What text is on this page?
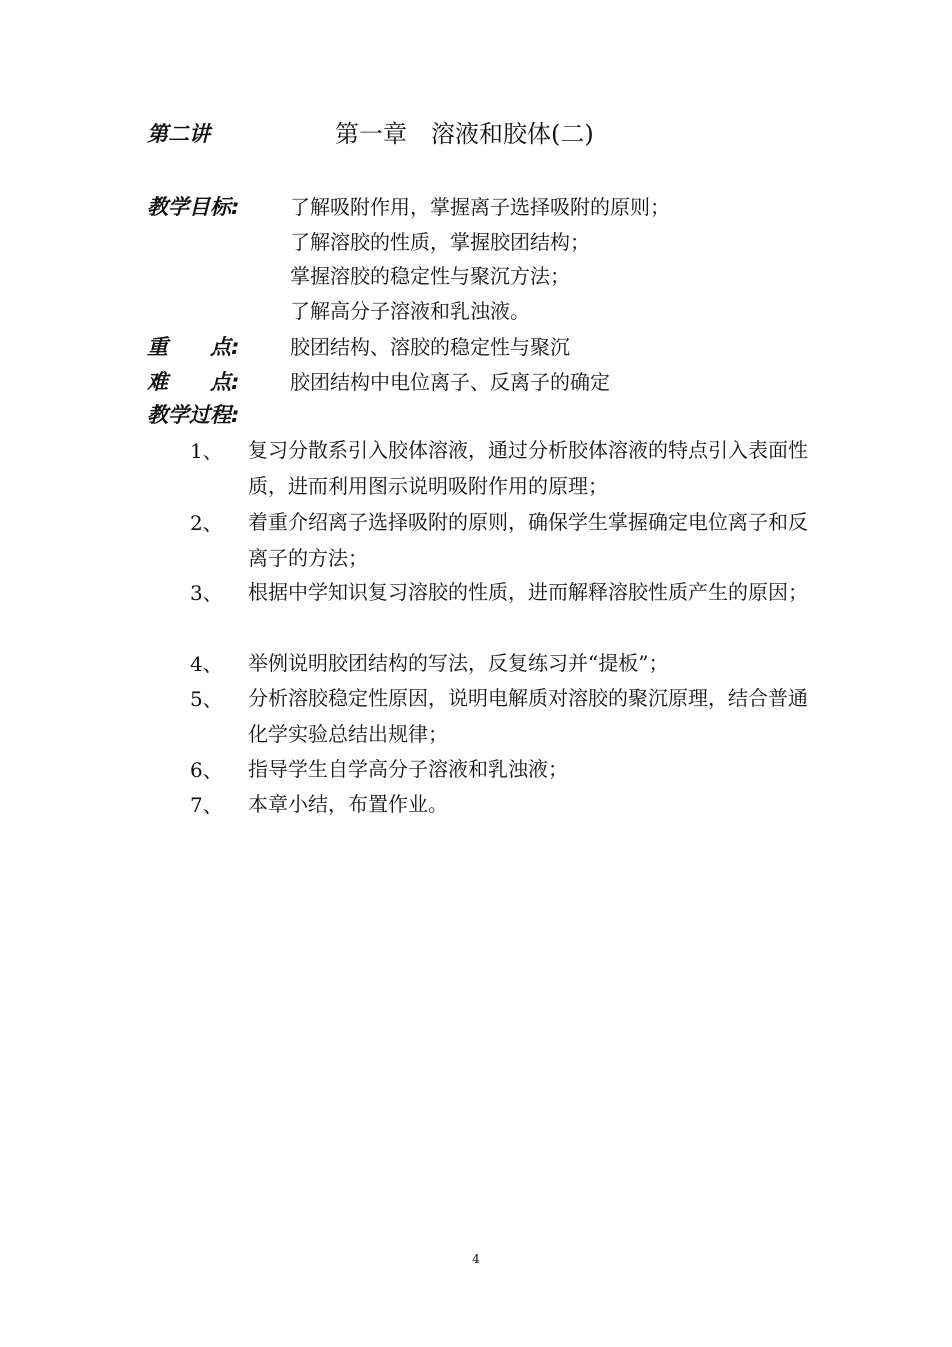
第二讲	第一章　溶液和胶体(二)
教学目标:	了解吸附作用，掌握离子选择吸附的原则；
了解溶胶的性质，掌握胶团结构；
掌握溶胶的稳定性与聚沉方法；
了解高分子溶液和乳浊液。
重　　点:	胶团结构、溶胶的稳定性与聚沉
难　　点:	胶团结构中电位离子、反离子的确定
教学过程:
1、 复习分散系引入胶体溶液，通过分析胶体溶液的特点引入表面性质，进而利用图示说明吸附作用的原理；
2、 着重介绍离子选择吸附的原则，确保学生掌握确定电位离子和反离子的方法；
3、 根据中学知识复习溶胶的性质，进而解释溶胶性质产生的原因；
4、 举例说明胶团结构的写法，反复练习并“提板”；
5、 分析溶胶稳定性原因，说明电解质对溶胶的聚沉原理，结合普通化学实验总结出规律；
6、 指导学生自学高分子溶液和乳浊液；
7、 本章小结，布置作业。
4
